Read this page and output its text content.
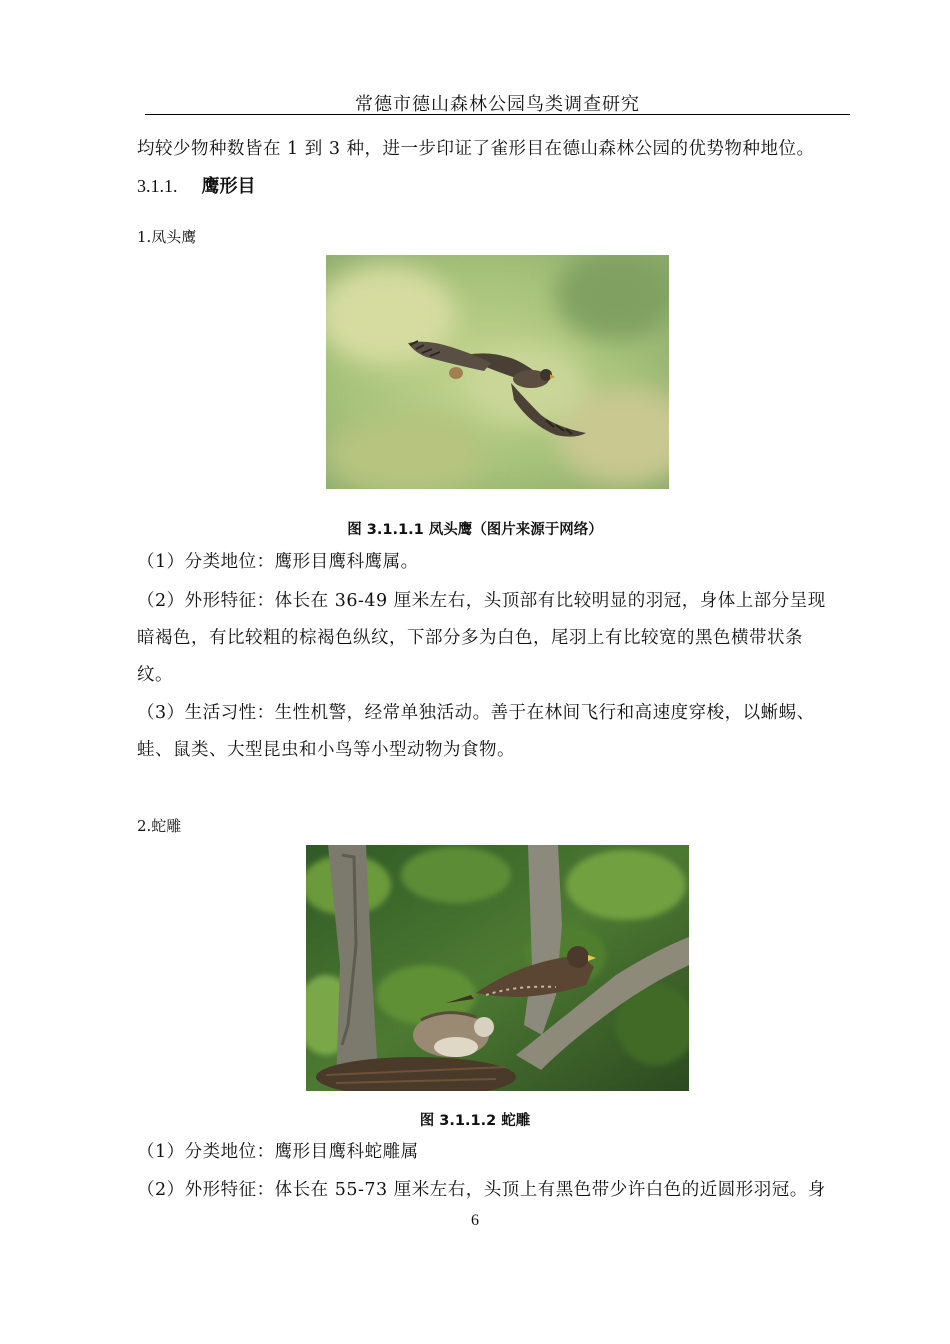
常德市德山森林公园鸟类调查研究
均较少物种数皆在 1 到 3 种，进一步印证了雀形目在德山森林公园的优势物种地位。
3.1.1. 鹰形目
1.凤头鹰
图 3.1.1.1 凤头鹰（图片来源于网络）
（1）分类地位：鹰形目鹰科鹰属。
（2）外形特征：体长在 36-49 厘米左右，头顶部有比较明显的羽冠，身体上部分呈现
暗褐色，有比较粗的棕褐色纵纹，下部分多为白色，尾羽上有比较宽的黑色横带状条
纹。
（3）生活习性：生性机警，经常单独活动。善于在林间飞行和高速度穿梭，以蜥蜴、
蛙、鼠类、大型昆虫和小鸟等小型动物为食物。
2.蛇雕
图 3.1.1.2 蛇雕
（1）分类地位：鹰形目鹰科蛇雕属
（2）外形特征：体长在 55-73 厘米左右，头顶上有黑色带少许白色的近圆形羽冠。身
6
